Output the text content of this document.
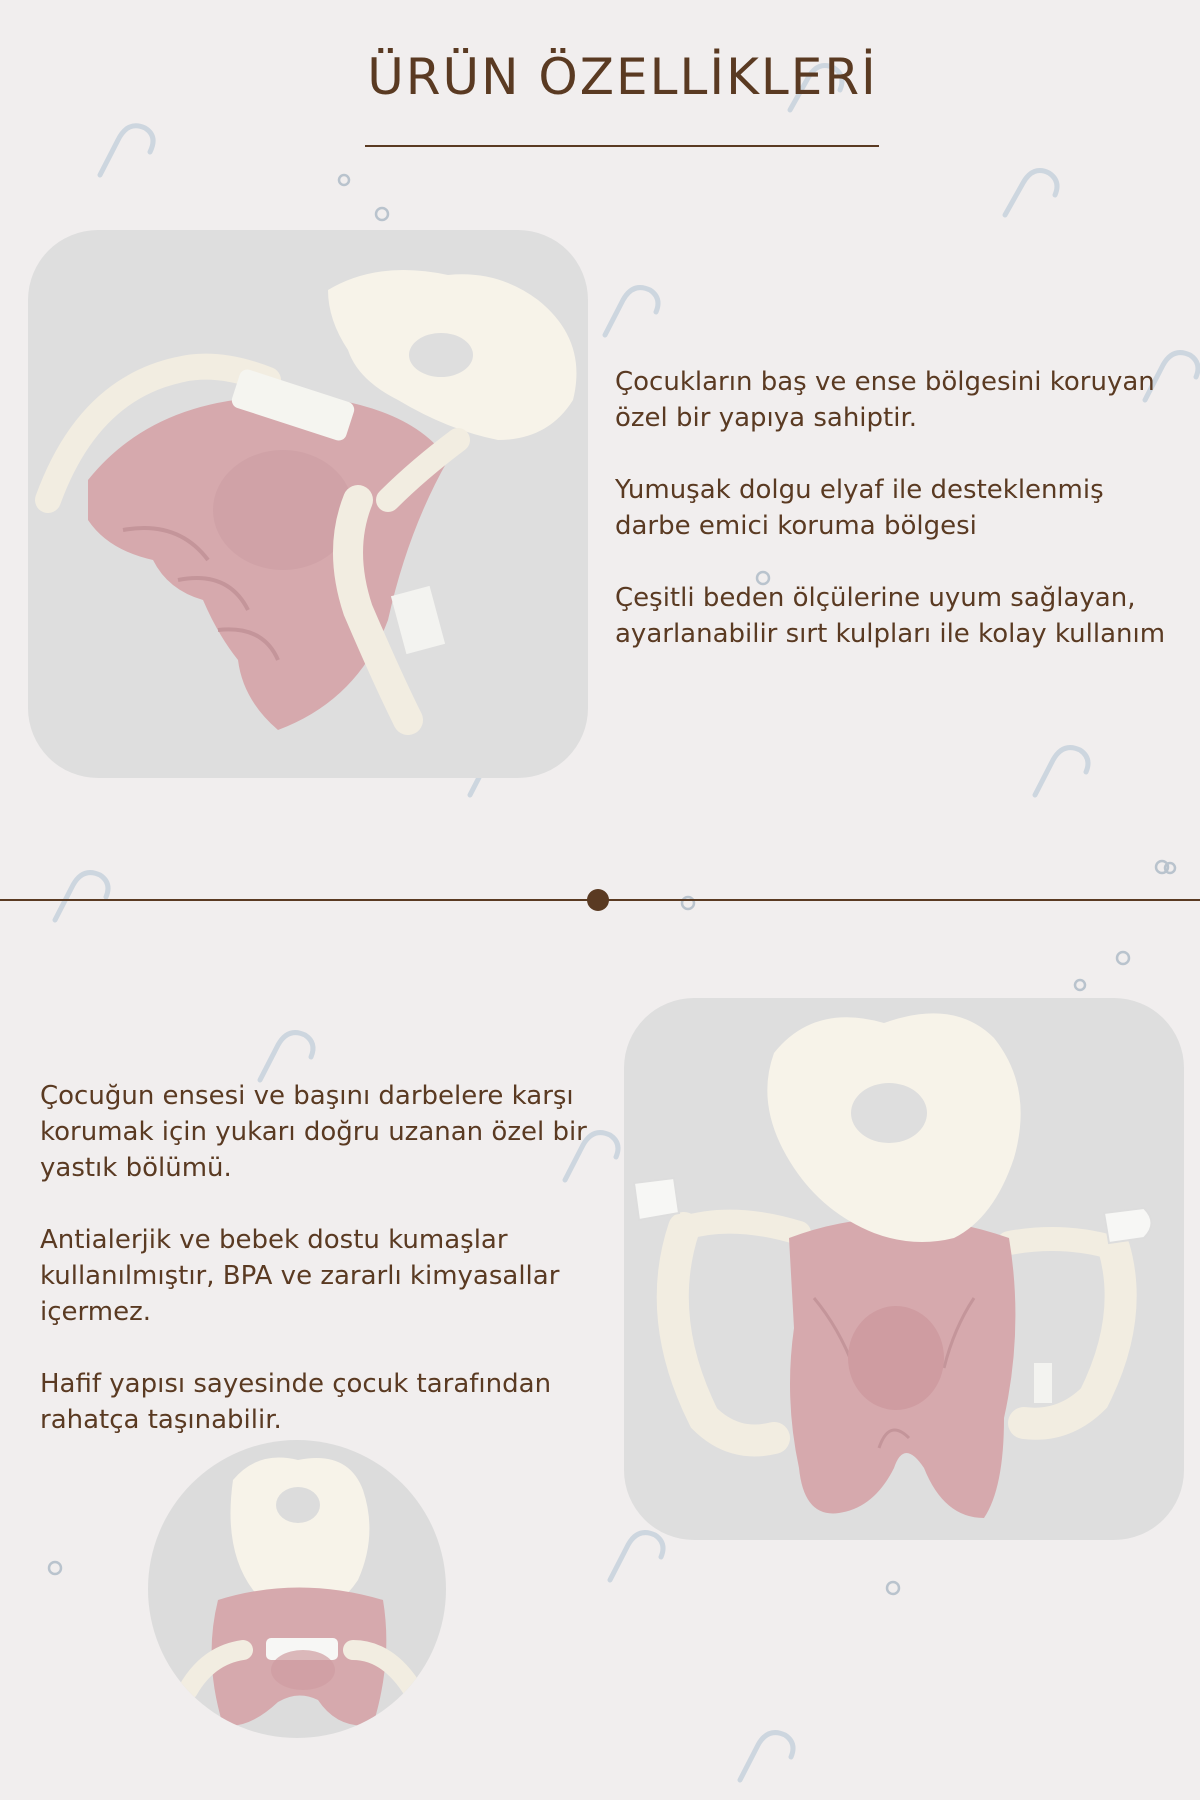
ÜRÜN ÖZELLİKLERİ

Çocukların baş ve ense bölgesini koruyan özel bir yapıya sahiptir.

Yumuşak dolgu elyaf ile desteklenmiş darbe emici koruma bölgesi

Çeşitli beden ölçülerine uyum sağlayan, ayarlanabilir sırt kulpları ile kolay kullanım

Çocuğun ensesi ve başını darbelere karşı korumak için yukarı doğru uzanan özel bir yastık bölümü.

Antialerjik ve bebek dostu kumaşlar kullanılmıştır, BPA ve zararlı kimyasallar içermez.

Hafif yapısı sayesinde çocuk tarafından rahatça taşınabilir.
